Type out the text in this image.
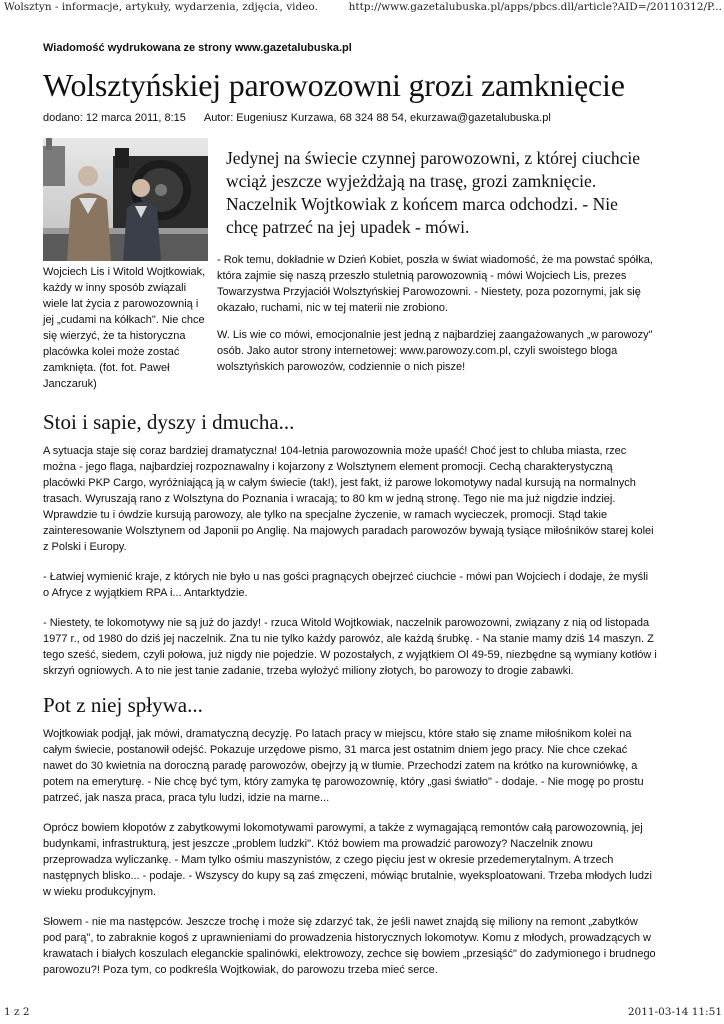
Wolsztyn - informacje, artykuły, wydarzenia, zdjęcia, video.	http://www.gazetalubuska.pl/apps/pbcs.dll/article?AID=/20110312/P...
Wiadomość wydrukowana ze strony www.gazetalubuska.pl
Wolsztyńskiej parowozowni grozi zamknięcie
dodano: 12 marca 2011, 8:15 Autor: Eugeniusz Kurzawa, 68 324 88 54, ekurzawa@gazetalubuska.pl
Wojciech Lis i Witold Wojtkowiak, każdy w inny sposób związali wiele lat życia z parowozownią i jej „cudami na kółkach". Nie chce się wierzyć, że ta historyczna placówka kolei może zostać zamknięta. (fot. fot. Paweł Janczaruk)

Jedynej na świecie czynnej parowozowni, z której ciuchcie wciąż jeszcze wyjeżdżają na trasę, grozi zamknięcie. Naczelnik Wojtkowiak z końcem marca odchodzi. - Nie chcę patrzeć na jej upadek - mówi.

- Rok temu, dokładnie w Dzień Kobiet, poszła w świat wiadomość, że ma powstać spółka, która zajmie się naszą przeszło stuletnią parowozownią - mówi Wojciech Lis, prezes Towarzystwa Przyjaciół Wolsztyńskiej Parowozowni. - Niestety, poza pozornymi, jak się okazało, ruchami, nic w tej materii nie zrobiono.

W. Lis wie co mówi, emocjonalnie jest jedną z najbardziej zaangażowanych „w parowozy" osób. Jako autor strony internetowej: www.parowozy.com.pl, czyli swoistego bloga wolsztyńskich parowozów, codziennie o nich pisze!

Stoi i sapie, dyszy i dmucha...

A sytuacja staje się coraz bardziej dramatyczna! 104-letnia parowozownia może upaść! Choć jest to chluba miasta, rzec można - jego flaga, najbardziej rozpoznawalny i kojarzony z Wolsztynem element promocji. Cechą charakterystyczną placówki PKP Cargo, wyróżniającą ją w całym świecie (tak!), jest fakt, iż parowe lokomotywy nadal kursują na normalnych trasach. Wyruszają rano z Wolsztyna do Poznania i wracają; to 80 km w jedną stronę. Tego nie ma już nigdzie indziej. Wprawdzie tu i ówdzie kursują parowozy, ale tylko na specjalne życzenie, w ramach wycieczek, promocji. Stąd takie zainteresowanie Wolsztynem od Japonii po Anglię. Na majowych paradach parowozów bywają tysiące miłośników starej kolei z Polski i Europy.

- Łatwiej wymienić kraje, z których nie było u nas gości pragnących obejrzeć ciuchcie - mówi pan Wojciech i dodaje, że myśli o Afryce z wyjątkiem RPA i... Antarktydzie.

- Niestety, te lokomotywy nie są już do jazdy! - rzuca Witold Wojtkowiak, naczelnik parowozowni, związany z nią od listopada 1977 r., od 1980 do dziś jej naczelnik. Zna tu nie tylko każdy parowóz, ale każdą śrubkę. - Na stanie mamy dziś 14 maszyn. Z tego sześć, siedem, czyli połowa, już nigdy nie pojedzie. W pozostałych, z wyjątkiem Ol 49-59, niezbędne są wymiany kotłów i skrzyń ogniowych. A to nie jest tanie zadanie, trzeba wyłożyć miliony złotych, bo parowozy to drogie zabawki.

Pot z niej spływa...

Wojtkowiak podjął, jak mówi, dramatyczną decyzję. Po latach pracy w miejscu, które stało się zname miłośnikom kolei na całym świecie, postanowił odejść. Pokazuje urzędowe pismo, 31 marca jest ostatnim dniem jego pracy. Nie chce czekać nawet do 30 kwietnia na doroczną paradę parowozów, obejrzy ją w tłumie. Przechodzi zatem na krótko na kurowniówkę, a potem na emeryturę. - Nie chcę być tym, który zamyka tę parowozownię, który „gasi światło" - dodaje. - Nie mogę po prostu patrzeć, jak nasza praca, praca tylu ludzi, idzie na marne...

Oprócz bowiem kłopotów z zabytkowymi lokomotywami parowymi, a także z wymagającą remontów całą parowozownią, jej budynkami, infrastrukturą, jest jeszcze „problem ludzki". Któż bowiem ma prowadzić parowozy? Naczelnik znowu przeprowadza wyliczankę. - Mam tylko ośmiu maszynistów, z czego pięciu jest w okresie przedemerytalnym. A trzech następnych blisko... - podaje. - Wszyscy do kupy są zaś zmęczeni, mówiąc brutalnie, wyeksploatowani. Trzeba młodych ludzi w wieku produkcyjnym.

Słowem - nie ma następców. Jeszcze trochę i może się zdarzyć tak, że jeśli nawet znajdą się miliony na remont „zabytków pod parą", to zabraknie kogoś z uprawnieniami do prowadzenia historycznych lokomotyw. Komu z młodych, prowadzących w krawatach i białych koszulach eleganckie spalinówki, elektrowozy, zechce się bowiem „przesiąść" do zadymionego i brudnego parowozu?! Poza tym, co podkreśla Wojtkowiak, do parowozu trzeba mieć serce.

1 z 2	2011-03-14 11:51
